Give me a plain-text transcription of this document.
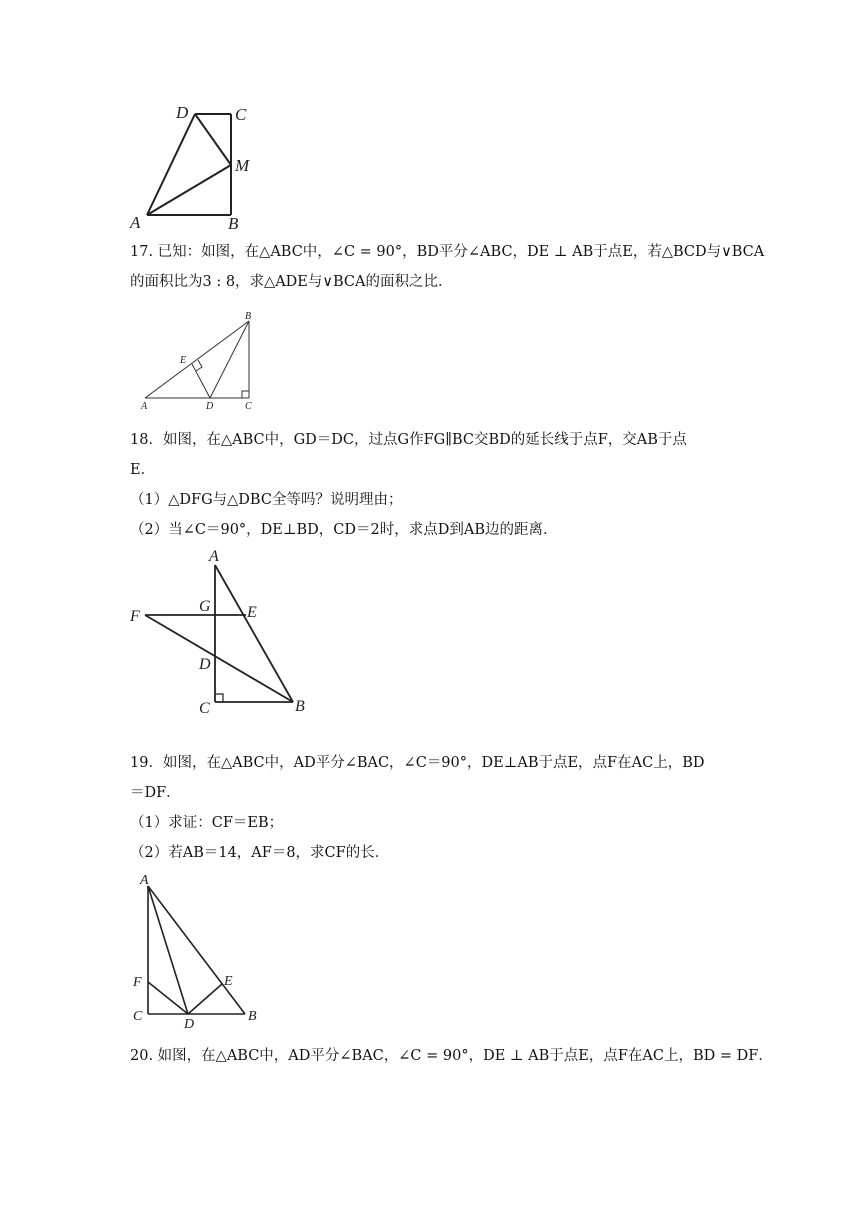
D	C
M
A	B
17. 已知：如图，在△ABC中，∠C = 90°，BD平分∠ABC，DE ⊥ AB于点E，若△BCD与∨BCA
的面积比为3 : 8，求△ADE与∨BCA的面积之比．
B
E
A	D	C
18．如图，在△ABC中，GD＝DC，过点G作FG∥BC交BD的延长线于点F，交AB于点
E．
（1）△DFG与△DBC全等吗？说明理由；
（2）当∠C＝90°，DE⊥BD，CD＝2时，求点D到AB边的距离．
A
G E
F
D
C	B
19．如图，在△ABC中，AD平分∠BAC，∠C＝90°，DE⊥AB于点E，点F在AC上，BD
＝DF．
（1）求证：CF＝EB；
（2）若AB＝14，AF＝8，求CF的长．
A
F	E
C
D
B
20. 如图，在△ABC中，AD平分∠BAC，∠C = 90°，DE ⊥ AB于点E，点F在AC上，BD = DF．
